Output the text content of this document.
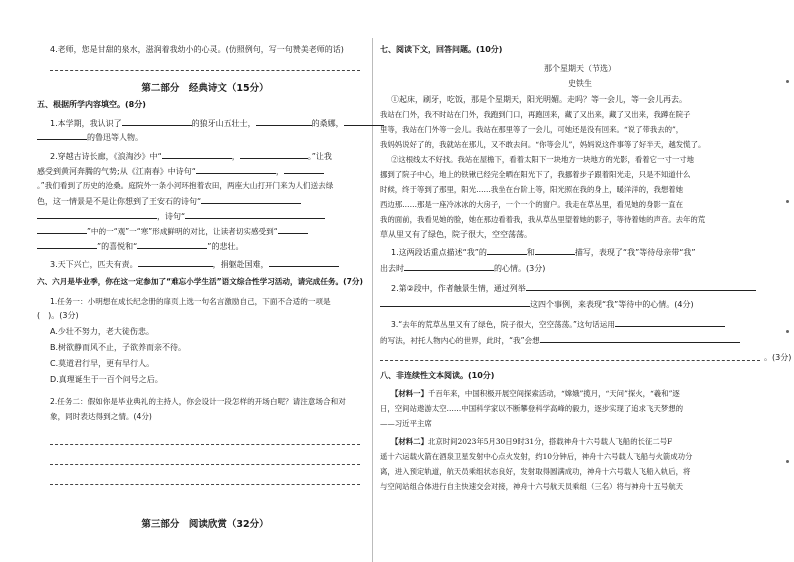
4.老师，您是甘甜的泉水，滋润着我幼小的心灵。(仿照例句，写一句赞美老师的话)
第二部分　经典诗文（15分）
五、根据所学内容填空。(8分)
1.本学期，我认识了	的狼牙山五壮士，	的桑娜，
的鲁迅等人物。
2.穿越古诗长廊，《浪淘沙》中“	，	。”让我
感受到黄河奔腾的气势;从《江南春》中诗句“	，
。”我们看到了历史的沧桑。庭院外一条小河环抱着农田，两座大山打开门来为人们送去绿
色，这一情景是不是让你想到了王安石的诗句“
，诗句“
”中的一“观”一“寒”形成鲜明的对比，让读者切实感受到“
”的喜悦和“	”的悲壮。
3.天下兴亡，匹夫有责。	，捐躯赴国难，
六、六月是毕业季，你在这一定参加了“难忘小学生活”语文综合性学习活动，请完成任务。(7分)
1.任务一：小明想在成长纪念册的扉页上选一句名言激励自己，下面不合适的一项是
(　)。(3分)
A.少壮不努力，老大徒伤悲。
B.树欲静而风不止，子欲养而亲不待。
C.莫道君行早，更有早行人。
D.真理诞生于一百个问号之后。
2.任务二：假如你是毕业典礼的主持人，你会设计一段怎样的开场白呢？请注意场合和对象，同时表达得到之情。(4分)
第三部分　阅读欣赏（32分）
七、阅读下文，回答问题。(10分)
那个星期天（节选）
史铁生
①起床，刷牙，吃饭，那是个星期天，阳光明媚。走吗？等一会儿，等一会儿再去。
我站在门外，我不时站在门外，我跑到门口，再跑回来，藏了又出来，藏了又出来，我蹲在院子
里等，我站在门外等一会儿。我站在那里等了一会儿，可她还是没有回来。“说了带我去的”，
我妈妈说好了的，我就站在那儿，又不敢去问。“你等会儿”，妈妈说这件事等了好半天，越发慌了。
②这根线太不好找。我站在屋檐下，看着太阳下一块地方一块地方的光影，看着它一寸一寸地
挪到了院子中心，地上的铁锹已经完全晒在阳光下了，我挪着步子跟着阳光走，只是不知道什么
时候，终于等到了那里，阳光……我坐在台阶上等，阳光照在我的身上，暖洋洋的，我想着她
西边那……那是一座冷冰冰的大房子，一个一个的窗户。我走在草丛里，看见她的身影一直在
我的面前，我看见她的脸，她在那边看着我，我从草丛里望着她的影子，等待着她的声音。去年的荒
草从里又有了绿色，院子很大，空空荡荡。
1.这两段话重点描述“我”的	和	描写，表现了“我”等待母亲带“我”
出去时	的心情。(3分)
2.第②段中，作者触景生情，通过列举
这四个事例，来表现“我”等待中的心情。(4分)
3.“去年的荒草丛里又有了绿色，院子很大，空空荡荡。”这句话运用
的写法，衬托人物内心的世界，此时，“我”会想
。(3分)
八、非连续性文本阅读。(10分)
【材料一】千百年来，中国积极开展空间探索活动，“嫦娥”揽月，“天问”探火，“羲和”逐
日，空间站遨游太空……中国科学家以不断攀登科学高峰的毅力，逐步实现了追求飞天梦想的
——习近平主席
【材料二】北京时间2023年5月30日9时31分，搭载神舟十六号载人飞船的长征二号F
遥十六运载火箭在酒泉卫星发射中心点火发射，约10分钟后，神舟十六号载人飞船与火箭成功分
离，进入预定轨道，航天员乘组状态良好，发射取得圆满成功，神舟十六号载人飞船入轨后，将
与空间站组合体进行自主快速交会对接，神舟十六号航天员乘组（三名）将与神舟十五号航天
